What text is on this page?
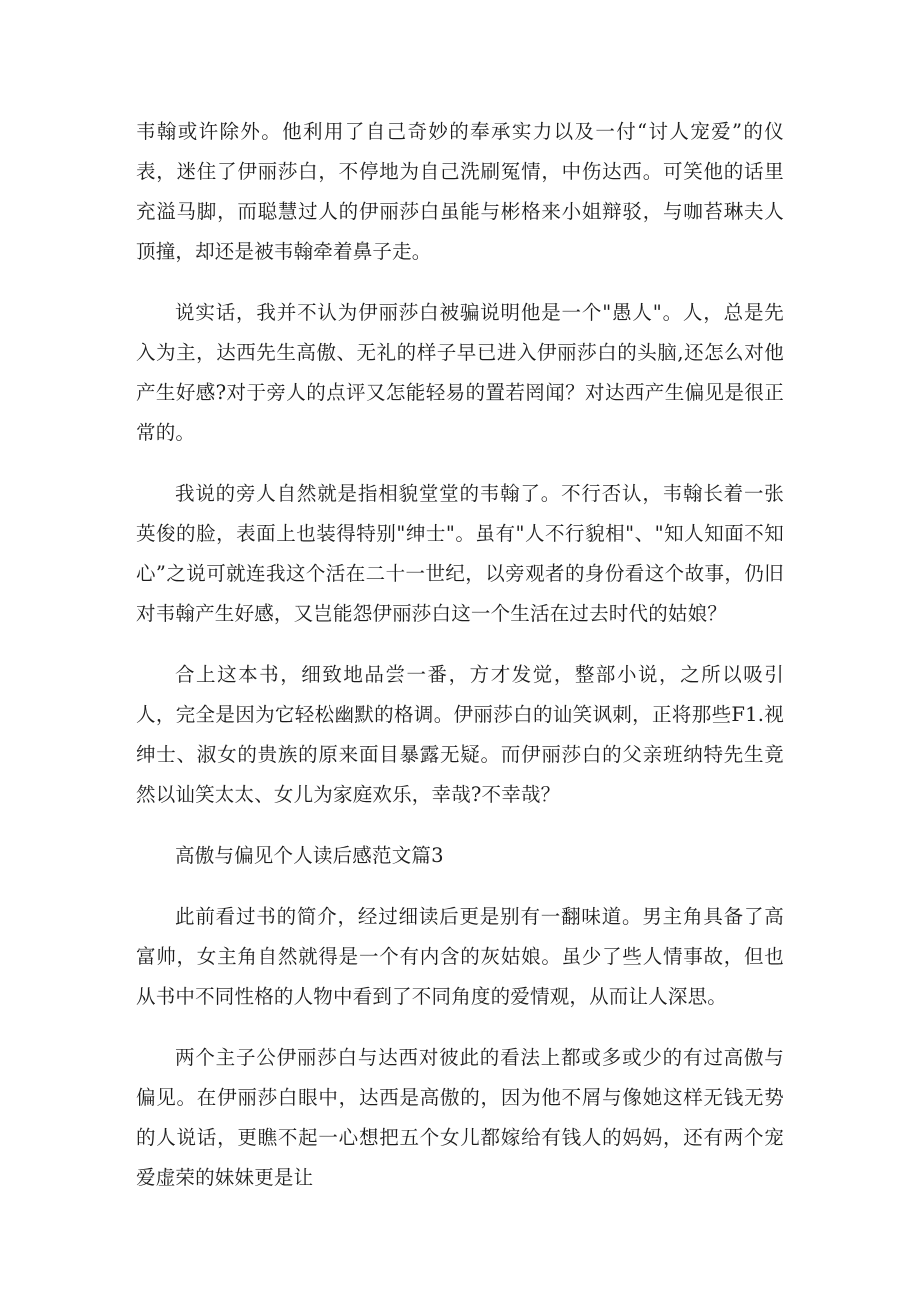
韦翰或许除外。他利用了自己奇妙的奉承实力以及一付“讨人宠爱”的仪表，迷住了伊丽莎白，不停地为自己洗刷冤情，中伤达西。可笑他的话里充溢马脚，而聪慧过人的伊丽莎白虽能与彬格来小姐辩驳，与咖苔琳夫人顶撞，却还是被韦翰牵着鼻子走。

说实话，我并不认为伊丽莎白被骗说明他是一个"愚人"。人，总是先入为主，达西先生高傲、无礼的样子早已进入伊丽莎白的头脑,还怎么对他产生好感?对于旁人的点评又怎能轻易的置若罔闻？对达西产生偏见是很正常的。

我说的旁人自然就是指相貌堂堂的韦翰了。不行否认，韦翰长着一张英俊的脸，表面上也装得特别"绅士"。虽有"人不行貌相"、"知人知面不知心”之说可就连我这个活在二十一世纪，以旁观者的身份看这个故事，仍旧对韦翰产生好感，又岂能怨伊丽莎白这一个生活在过去时代的姑娘？

合上这本书，细致地品尝一番，方才发觉，整部小说，之所以吸引人，完全是因为它轻松幽默的格调。伊丽莎白的讪笑讽刺，正将那些F1.视绅士、淑女的贵族的原来面目暴露无疑。而伊丽莎白的父亲班纳特先生竟然以讪笑太太、女儿为家庭欢乐，幸哉?不幸哉？

高傲与偏见个人读后感范文篇3

此前看过书的简介，经过细读后更是别有一翻味道。男主角具备了高富帅，女主角自然就得是一个有内含的灰姑娘。虽少了些人情事故，但也从书中不同性格的人物中看到了不同角度的爱情观，从而让人深思。

两个主子公伊丽莎白与达西对彼此的看法上都或多或少的有过高傲与偏见。在伊丽莎白眼中，达西是高傲的，因为他不屑与像她这样无钱无势的人说话，更瞧不起一心想把五个女儿都嫁给有钱人的妈妈，还有两个宠爱虚荣的妹妹更是让
